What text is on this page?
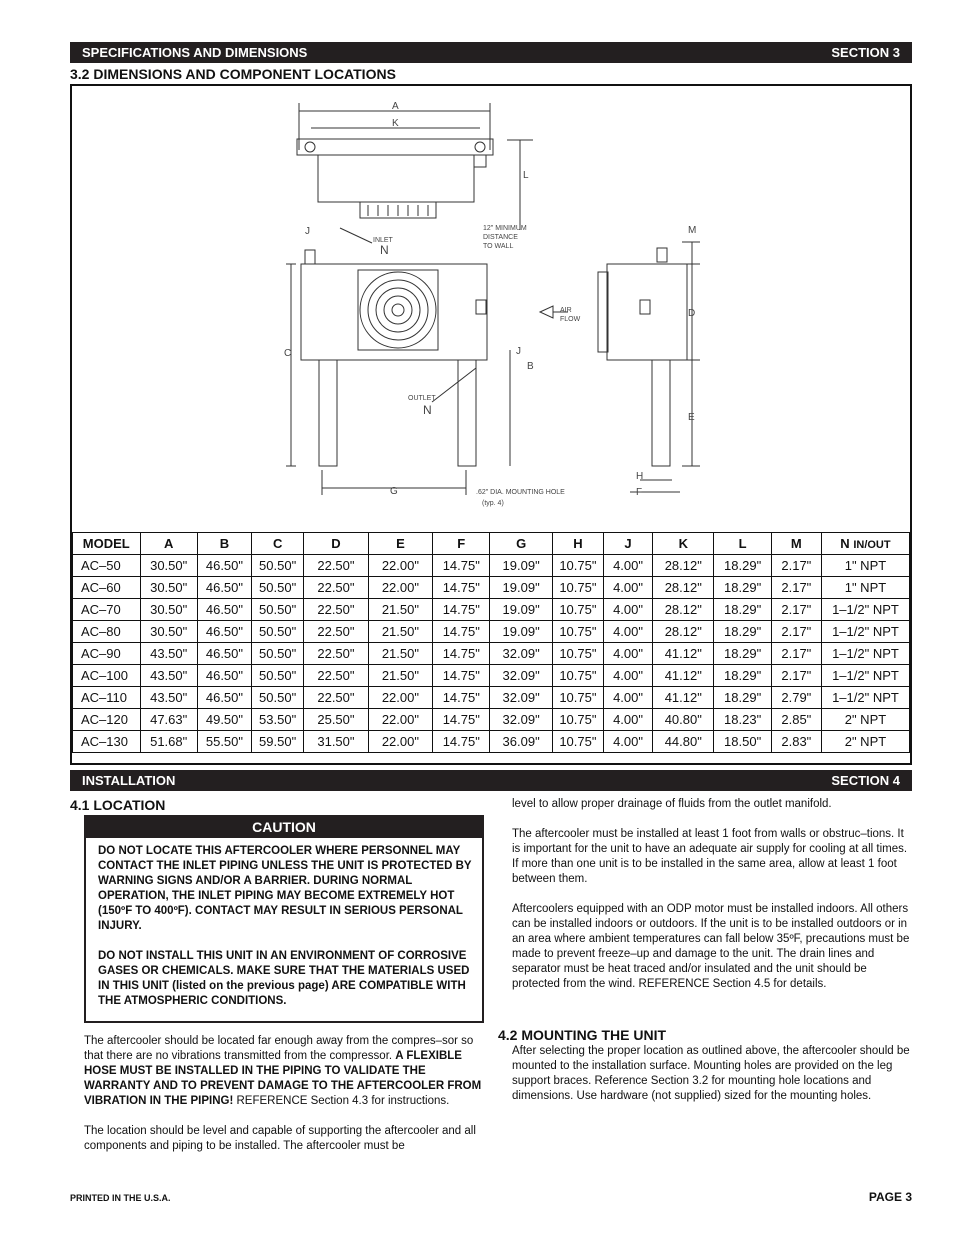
SPECIFICATIONS AND DIMENSIONS	SECTION 3
3.2 DIMENSIONS AND COMPONENT LOCATIONS
A
K
L
J
INLET
N
12" MINIMUM
DISTANCE
TO WALL
M
AIR
FLOW
D
C	J
B
OUTLET
N
E
G	.62" DIA. MOUNTING HOLE
(typ. 4)
H
F
MODEL	A	B	C	D	E	F	G	H	J	K	L	M	N IN/OUT
AC–50	30.50"	46.50"	50.50"	22.50"	22.00"	14.75"	19.09"	10.75"	4.00"	28.12"	18.29"	2.17"	1" NPT
AC–60	30.50"	46.50"	50.50"	22.50"	22.00"	14.75"	19.09"	10.75"	4.00"	28.12"	18.29"	2.17"	1" NPT
AC–70	30.50"	46.50"	50.50"	22.50"	21.50"	14.75"	19.09"	10.75"	4.00"	28.12"	18.29"	2.17"	1–1/2" NPT
AC–80	30.50"	46.50"	50.50"	22.50"	21.50"	14.75"	19.09"	10.75"	4.00"	28.12"	18.29"	2.17"	1–1/2" NPT
AC–90	43.50"	46.50"	50.50"	22.50"	21.50"	14.75"	32.09"	10.75"	4.00"	41.12"	18.29"	2.17"	1–1/2" NPT
AC–100	43.50"	46.50"	50.50"	22.50"	21.50"	14.75"	32.09"	10.75"	4.00"	41.12"	18.29"	2.17"	1–1/2" NPT
AC–110	43.50"	46.50"	50.50"	22.50"	22.00"	14.75"	32.09"	10.75"	4.00"	41.12"	18.29"	2.79"	1–1/2" NPT
AC–120	47.63"	49.50"	53.50"	25.50"	22.00"	14.75"	32.09"	10.75"	4.00"	40.80"	18.23"	2.85"	2" NPT
AC–130	51.68"	55.50"	59.50"	31.50"	22.00"	14.75"	36.09"	10.75"	4.00"	44.80"	18.50"	2.83"	2" NPT
INSTALLATION	SECTION 4
4.1 LOCATION
CAUTION

DO NOT LOCATE THIS AFTERCOOLER WHERE PERSONNEL MAY CONTACT THE INLET PIPING UNLESS THE UNIT IS PROTECTED BY WARNING SIGNS AND/OR A BARRIER. DURING NORMAL OPERATION, THE INLET PIPING MAY BECOME EXTREMELY HOT (150ºF TO 400ºF). CONTACT MAY RESULT IN SERIOUS PERSONAL INJURY.

DO NOT INSTALL THIS UNIT IN AN ENVIRONMENT OF CORROSIVE GASES OR CHEMICALS. MAKE SURE THAT THE MATERIALS USED IN THIS UNIT (listed on the previous page) ARE COMPATIBLE WITH THE ATMOSPHERIC CONDITIONS.

The aftercooler should be located far enough away from the compres–sor so that there are no vibrations transmitted from the compressor. A FLEXIBLE HOSE MUST BE INSTALLED IN THE PIPING TO VALIDATE THE WARRANTY AND TO PREVENT DAMAGE TO THE AFTERCOOLER FROM VIBRATION IN THE PIPING! REFERENCE Section 4.3 for instructions.

The location should be level and capable of supporting the aftercooler and all components and piping to be installed. The aftercooler must be

level to allow proper drainage of fluids from the outlet manifold.

The aftercooler must be installed at least 1 foot from walls or obstruc–tions. It is important for the unit to have an adequate air supply for cooling at all times. If more than one unit is to be installed in the same area, allow at least 1 foot between them.

Aftercoolers equipped with an ODP motor must be installed indoors. All others can be installed indoors or outdoors. If the unit is to be installed outdoors or in an area where ambient temperatures can fall below 35ºF, precautions must be made to prevent freeze–up and damage to the unit. The drain lines and separator must be heat traced and/or insulated and the unit should be protected from the wind. REFERENCE Section 4.5 for details.

4.2 MOUNTING THE UNIT

After selecting the proper location as outlined above, the aftercooler should be mounted to the installation surface. Mounting holes are provided on the leg support braces. Reference Section 3.2 for mounting hole locations and dimensions. Use hardware (not supplied) sized for the mounting holes.

PRINTED IN THE U.S.A.	PAGE 3
